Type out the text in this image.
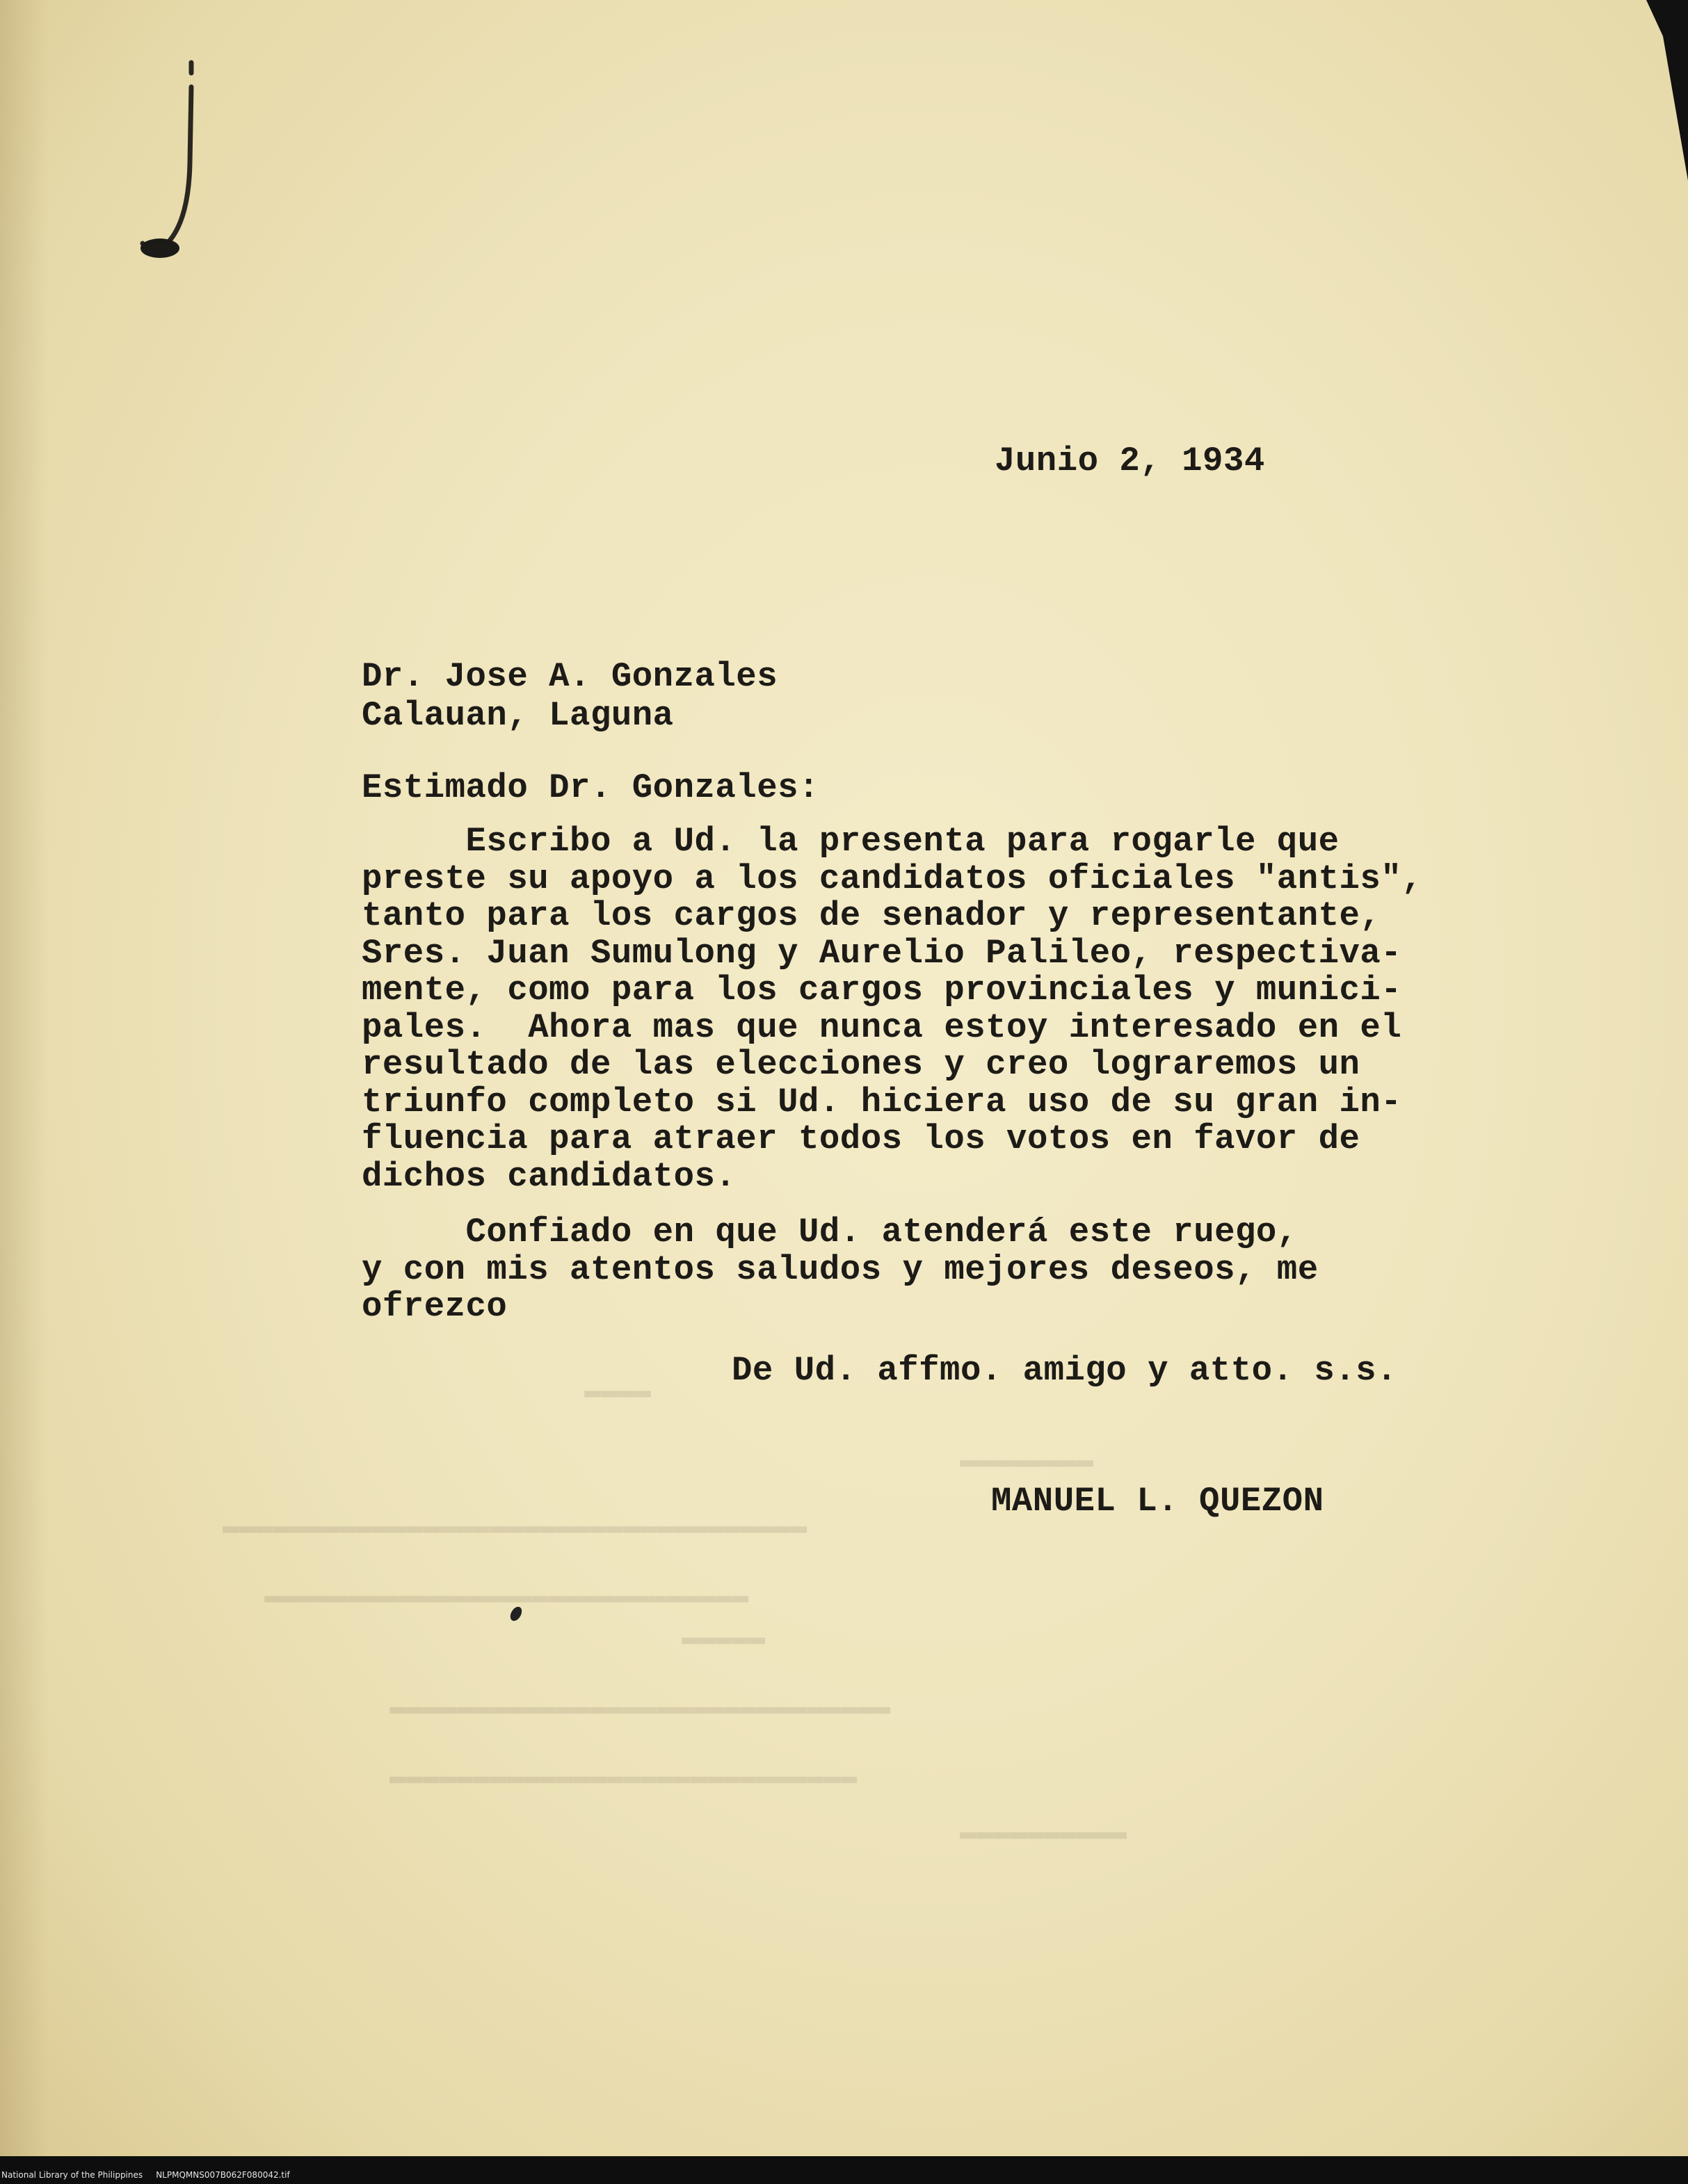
Junio 2, 1934
Dr. Jose A. Gonzales
Calauan, Laguna
Estimado Dr. Gonzales:
Escribo a Ud. la presenta para rogarle que
preste su apoyo a los candidatos oficiales "antis",
tanto para los cargos de senador y representante,
Sres. Juan Sumulong y Aurelio Palileo, respectiva-
mente, como para los cargos provinciales y munici-
pales.  Ahora mas que nunca estoy interesado en el
resultado de las elecciones y creo lograremos un
triunfo completo si Ud. hiciera uso de su gran in-
fluencia para atraer todos los votos en favor de
dichos candidatos.
Confiado en que Ud. atenderá este ruego,
y con mis atentos saludos y mejores deseos, me
ofrezco
De Ud. affmo. amigo y atto. s.s.
MANUEL L. QUEZON
▬▬▬▬
▬▬▬▬▬▬▬▬
▬▬▬▬▬▬▬▬▬▬▬▬▬▬▬▬▬▬▬▬▬▬▬▬▬▬▬▬▬▬▬▬▬▬▬
▬▬▬▬▬▬▬▬▬▬▬▬▬▬▬▬▬▬▬▬▬▬▬▬▬▬▬▬▬
▬▬▬▬▬
▬▬▬▬▬▬▬▬▬▬▬▬▬▬▬▬▬▬▬▬▬▬▬▬▬▬▬▬▬▬
▬▬▬▬▬▬▬▬▬▬▬▬▬▬▬▬▬▬▬▬▬▬▬▬▬▬▬▬
▬▬▬▬▬▬▬▬▬▬
National Library of the Philippines     NLPMQMNS007B062F080042.tif
